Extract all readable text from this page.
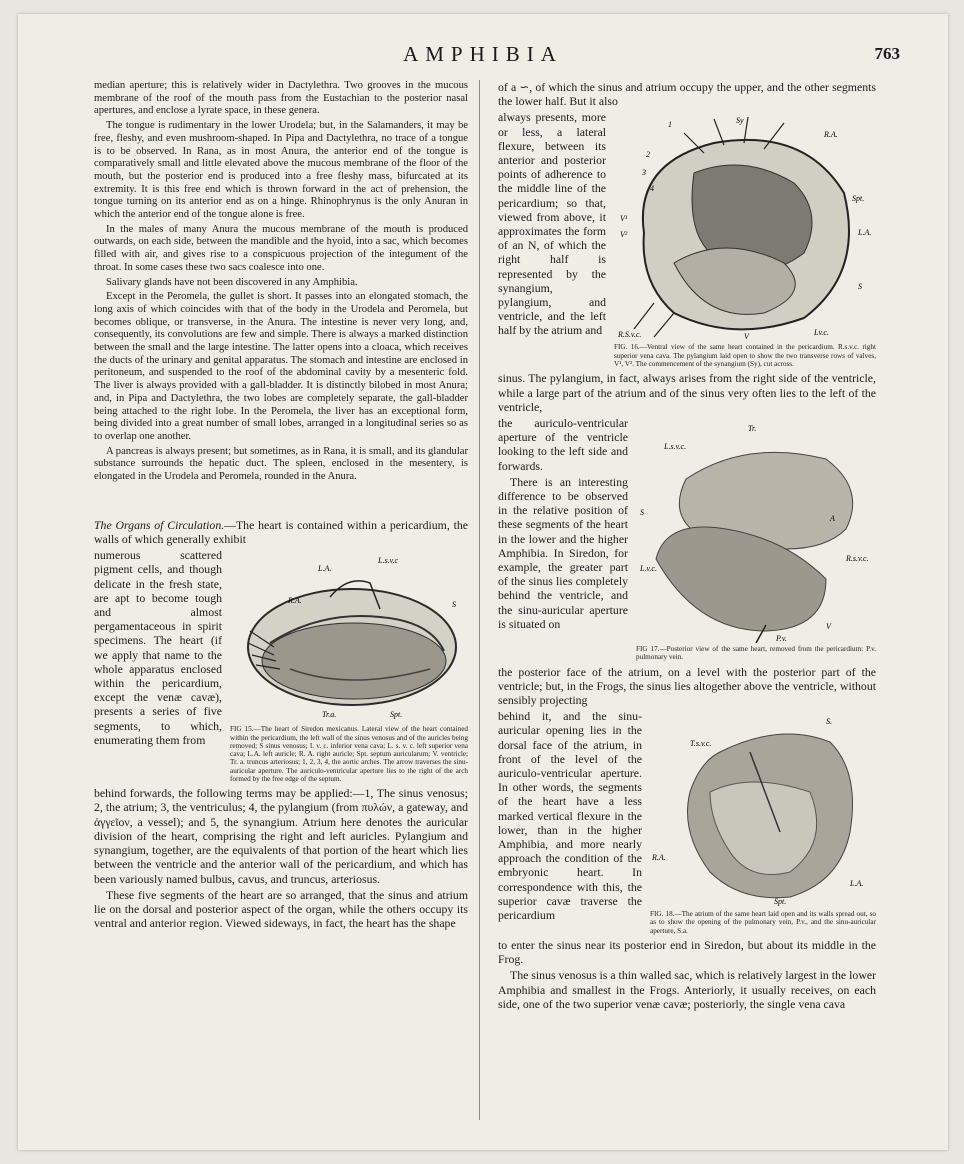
AMPHIBIA	763

median aperture; this is relatively wider in Dactylethra. Two grooves in the mucous membrane of the roof of the mouth pass from the Eustachian to the posterior nasal apertures, and enclose a lyrate space, in these genera.

The tongue is rudimentary in the lower Urodela; but, in the Salamanders, it may be free, fleshy, and even mushroom-shaped. In Pipa and Dactylethra, no trace of a tongue is to be observed. In Rana, as in most Anura, the anterior end of the tongue is comparatively small and little elevated above the mucous membrane of the floor of the mouth, but the posterior end is produced into a free fleshy mass, bifurcated at its extremity. It is this free end which is thrown forward in the act of prehension, the tongue turning on its anterior end as on a hinge. Rhinophrynus is the only Anuran in which the anterior end of the tongue alone is free.

In the males of many Anura the mucous membrane of the mouth is produced outwards, on each side, between the mandible and the hyoid, into a sac, which becomes filled with air, and gives rise to a conspicuous projection of the integument of the throat. In some cases these two sacs coalesce into one.

Salivary glands have not been discovered in any Amphibia.

Except in the Peromela, the gullet is short. It passes into an elongated stomach, the long axis of which coincides with that of the body in the Urodela and Peromela, but becomes oblique, or transverse, in the Anura. The intestine is never very long, and, consequently, its convolutions are few and simple. There is always a marked distinction between the small and the large intestine. The latter opens into a cloaca, which receives the ducts of the urinary and genital apparatus. The stomach and intestine are enclosed in peritoneum, and suspended to the roof of the abdominal cavity by a mesenteric fold. The liver is always provided with a gall-bladder. It is distinctly bilobed in most Anura; and, in Pipa and Dactylethra, the two lobes are completely separate, the gall-bladder being attached to the right lobe. In the Peromela, the liver has an exceptional form, being divided into a great number of small lobes, arranged in a longitudinal series so as to overlap one another.

A pancreas is always present; but sometimes, as in Rana, it is small, and its glandular substance surrounds the hepatic duct. The spleen, enclosed in the mesentery, is elongated in the Urodela and Peromela, rounded in the Anura.

The Organs of Circulation.—The heart is contained within a pericardium, the walls of which generally exhibit

L.A.
L.s.v.c
R.A.	S
Tr.a.	Spt.
FIG 15.—The heart of Siredon mexicanus. Lateral view of the heart contained within the pericardium, the left wall of the sinus venosus and of the auricles being removed; S sinus venosus; I. v. c. inferior vena cava; L. s. v. c. left superior vena cava; L.A. left auricle; R. A. right auricle; Spt. septum auricularum; V. ventricle; Tr. a. truncus arteriosus; 1, 2, 3, 4, the aortic arches. The arrow traverses the sinu-auricular aperture. The auriculo-ventricular aperture lies to the right of the arch formed by the free edge of the septum.

numerous scattered pigment cells, and though delicate in the fresh state, are apt to become tough and almost pergamentaceous in spirit specimens. The heart (if we apply that name to the whole apparatus enclosed within the pericardium, except the venæ cavæ), presents a series of five segments, to which, enumerating them from

behind forwards, the following terms may be applied:—1, The sinus venosus; 2, the atrium; 3, the ventriculus; 4, the pylangium (from πυλών, a gateway, and ἀγγεῖον, a vessel); and 5, the synangium. Atrium here denotes the auricular division of the heart, comprising the right and left auricles. Pylangium and synangium, together, are the equivalents of that portion of the heart which lies between the ventricle and the anterior wall of the pericardium, and which has been variously named bulbus, cavus, and truncus, arteriosus.

These five segments of the heart are so arranged, that the sinus and atrium lie on the dorsal and posterior aspect of the organ, while the others occupy its ventral and anterior region. Viewed sideways, in fact, the heart has the shape

of a ∽, of which the sinus and atrium occupy the upper, and the other segments the lower half. But it also

1
2
3
4
Sy
R.A.
Spt.
L.A.
V¹
V²
S
R.S.v.c.	V	Lv.c.
FIG. 16.—Ventral view of the same heart contained in the pericardium. R.s.v.c. right superior vena cava. The pylangium laid open to show the two transverse rows of valves, V¹, V². The commencement of the synangium (Sy), cut across.

always presents, more or less, a lateral flexure, between its anterior and posterior points of adherence to the middle line of the pericardium; so that, viewed from above, it approximates the form of an N, of which the right half is represented by the synangium, pylangium, and ventricle, and the left half by the atrium and

sinus. The pylangium, in fact, always arises from the right side of the ventricle, while a large part of the atrium and of the sinus very often lies to the left of the ventricle,

Tr.
L.s.v.c.
S
R.s.v.c.
L.v.c.
A
V
P.v.
FIG 17.—Posterior view of the same heart, removed from the pericardium: P.v. pulmonary vein.

the auriculo-ventricular aperture of the ventricle looking to the left side and forwards.

There is an interesting difference to be observed in the relative position of these segments of the heart in the lower and the higher Amphibia. In Siredon, for example, the greater part of the sinus lies completely behind the ventricle, and the sinu-auricular aperture is situated on

the posterior face of the atrium, on a level with the posterior part of the ventricle; but, in the Frogs, the sinus lies altogether above the ventricle, without sensibly projecting

S.
T.s.v.c.
R.A.
Spt.
L.A.
FIG. 18.—The atrium of the same heart laid open and its walls spread out, so as to show the opening of the pulmonary vein, P.v., and the sinu-auricular aperture, S.a.

behind it, and the sinu-auricular opening lies in the dorsal face of the atrium, in front of the level of the auriculo-ventricular aperture. In other words, the segments of the heart have a less marked vertical flexure in the lower, than in the higher Amphibia, and more nearly approach the condition of the embryonic heart. In correspondence with this, the superior cavæ traverse the pericardium

to enter the sinus near its posterior end in Siredon, but about its middle in the Frog.

The sinus venosus is a thin walled sac, which is relatively largest in the lower Amphibia and smallest in the Frogs. Anteriorly, it usually receives, on each side, one of the two superior venæ cavæ; posteriorly, the single vena cava
